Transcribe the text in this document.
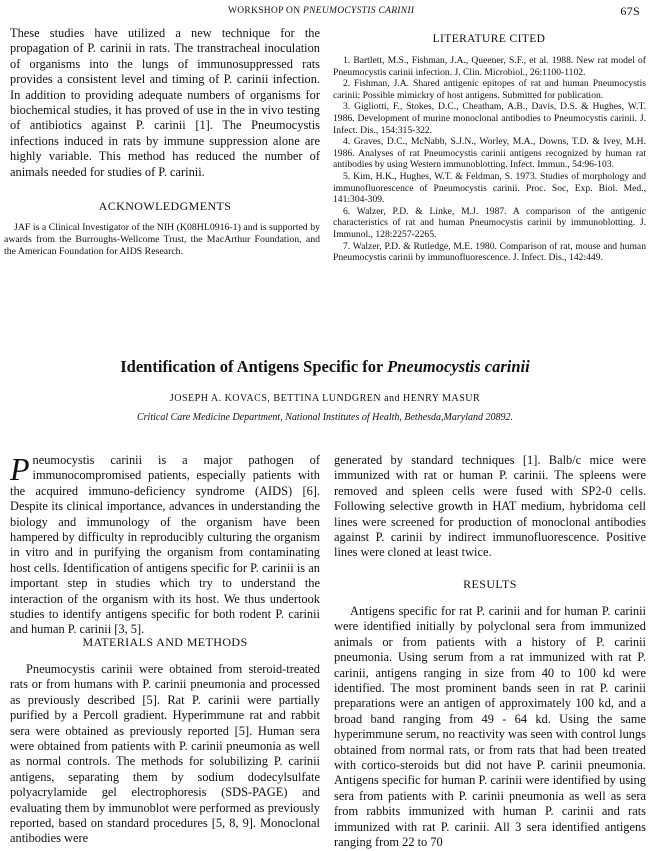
WORKSHOP ON PNEUMOCYSTIS CARINII	67S

These studies have utilized a new technique for the propagation of P. carinii in rats. The transtracheal inoculation of organisms into the lungs of immunosuppressed rats provides a consistent level and timing of P. carinii infection. In addition to providing adequate numbers of organisms for biochemical studies, it has proved of use in the in vivo testing of antibiotics against P. carinii [1]. The Pneumocystis infections induced in rats by immune suppression alone are highly variable. This method has reduced the number of animals needed for studies of P. carinii.

ACKNOWLEDGMENTS

JAF is a Clinical Investigator of the NIH (K08HL0916-1) and is supported by awards from the Burroughs-Wellcome Trust, the MacArthur Foundation, and the American Foundation for AIDS Research.

LITERATURE CITED

1. Bartlett, M.S., Fishman, J.A., Queener, S.F., et al. 1988. New rat model of Pneumocystis carinii infection. J. Clin. Microbiol., 26:1100-1102.

2. Fishman, J.A. Shared antigenic epitopes of rat and human Pneumocystis carinii: Possible mimickry of host antigens. Submitted for publication.

3. Gigliotti, F., Stokes, D.C., Cheatham, A.B., Davis, D.S. & Hughes, W.T. 1986. Development of murine monoclonal antibodies to Pneumocystis carinii. J. Infect. Dis., 154:315-322.

4. Graves, D.C., McNabb, S.J.N., Worley, M.A., Downs, T.D. & Ivey, M.H. 1986. Analyses of rat Pneumocystis carinii antigens recognized by human rat antibodies by using Western immunoblotting. Infect. Immun., 54:96-103.

5. Kim, H.K., Hughes, W.T. & Feldman, S. 1973. Studies of morphology and immunofluorescence of Pneumocystis carinii. Proc. Soc, Exp. Biol. Med., 141:304-309.

6. Walzer, P.D. & Linke, M.J. 1987. A comparison of the antigenic characteristics of rat and human Pneumocystis carinii by immunoblotting. J. Immunol., 128:2257-2265.

7. Walzer, P.D. & Rutledge, M.E. 1980. Comparison of rat, mouse and human Pneumocystis carinii by immunofluorescence. J. Infect. Dis., 142:449.

Identification of Antigens Specific for Pneumocystis carinii
JOSEPH A. KOVACS, BETTINA LUNDGREN and HENRY MASUR
Critical Care Medicine Department, National Institutes of Health, Bethesda,Maryland 20892.

Pneumocystis carinii is a major pathogen of immunocompromised patients, especially patients with the acquired immuno-deficiency syndrome (AIDS) [6]. Despite its clinical importance, advances in understanding the biology and immunology of the organism have been hampered by difficulty in reproducibly culturing the organism in vitro and in purifying the organism from contaminating host cells. Identification of antigens specific for P. carinii is an important step in studies which try to understand the interaction of the organism with its host. We thus undertook studies to identify antigens specific for both rodent P. carinii and human P. carinii [3, 5].

MATERIALS AND METHODS

Pneumocystis carinii were obtained from steroid-treated rats or from humans with P. carinii pneumonia and processed as previously described [5]. Rat P. carinii were partially purified by a Percoll gradient. Hyperimmune rat and rabbit sera were obtained as previously reported [5]. Human sera were obtained from patients with P. carinii pneumonia as well as normal controls. The methods for solubilizing P. carinii antigens, separating them by sodium dodecylsulfate polyacrylamide gel electrophoresis (SDS-PAGE) and evaluating them by immunoblot were performed as previously reported, based on standard procedures [5, 8, 9]. Monoclonal antibodies were

generated by standard techniques [1]. Balb/c mice were immunized with rat or human P. carinii. The spleens were removed and spleen cells were fused with SP2-0 cells. Following selective growth in HAT medium, hybridoma cell lines were screened for production of monoclonal antibodies against P. carinii by indirect immunofluorescence. Positive lines were cloned at least twice.

RESULTS

Antigens specific for rat P. carinii and for human P. carinii were identified initially by polyclonal sera from immunized animals or from patients with a history of P. carinii pneumonia. Using serum from a rat immunized with rat P. carinii, antigens ranging in size from 40 to 100 kd were identified. The most prominent bands seen in rat P. carinii preparations were an antigen of approximately 100 kd, and a broad band ranging from 49 - 64 kd. Using the same hyperimmune serum, no reactivity was seen with control lungs obtained from normal rats, or from rats that had been treated with cortico-steroids but did not have P. carinii pneumonia. Antigens specific for human P. carinii were identified by using sera from patients with P. carinii pneumonia as well as sera from rabbits immunized with human P. carinii and rats immunized with rat P. carinii. All 3 sera identified antigens ranging from 22 to 70
